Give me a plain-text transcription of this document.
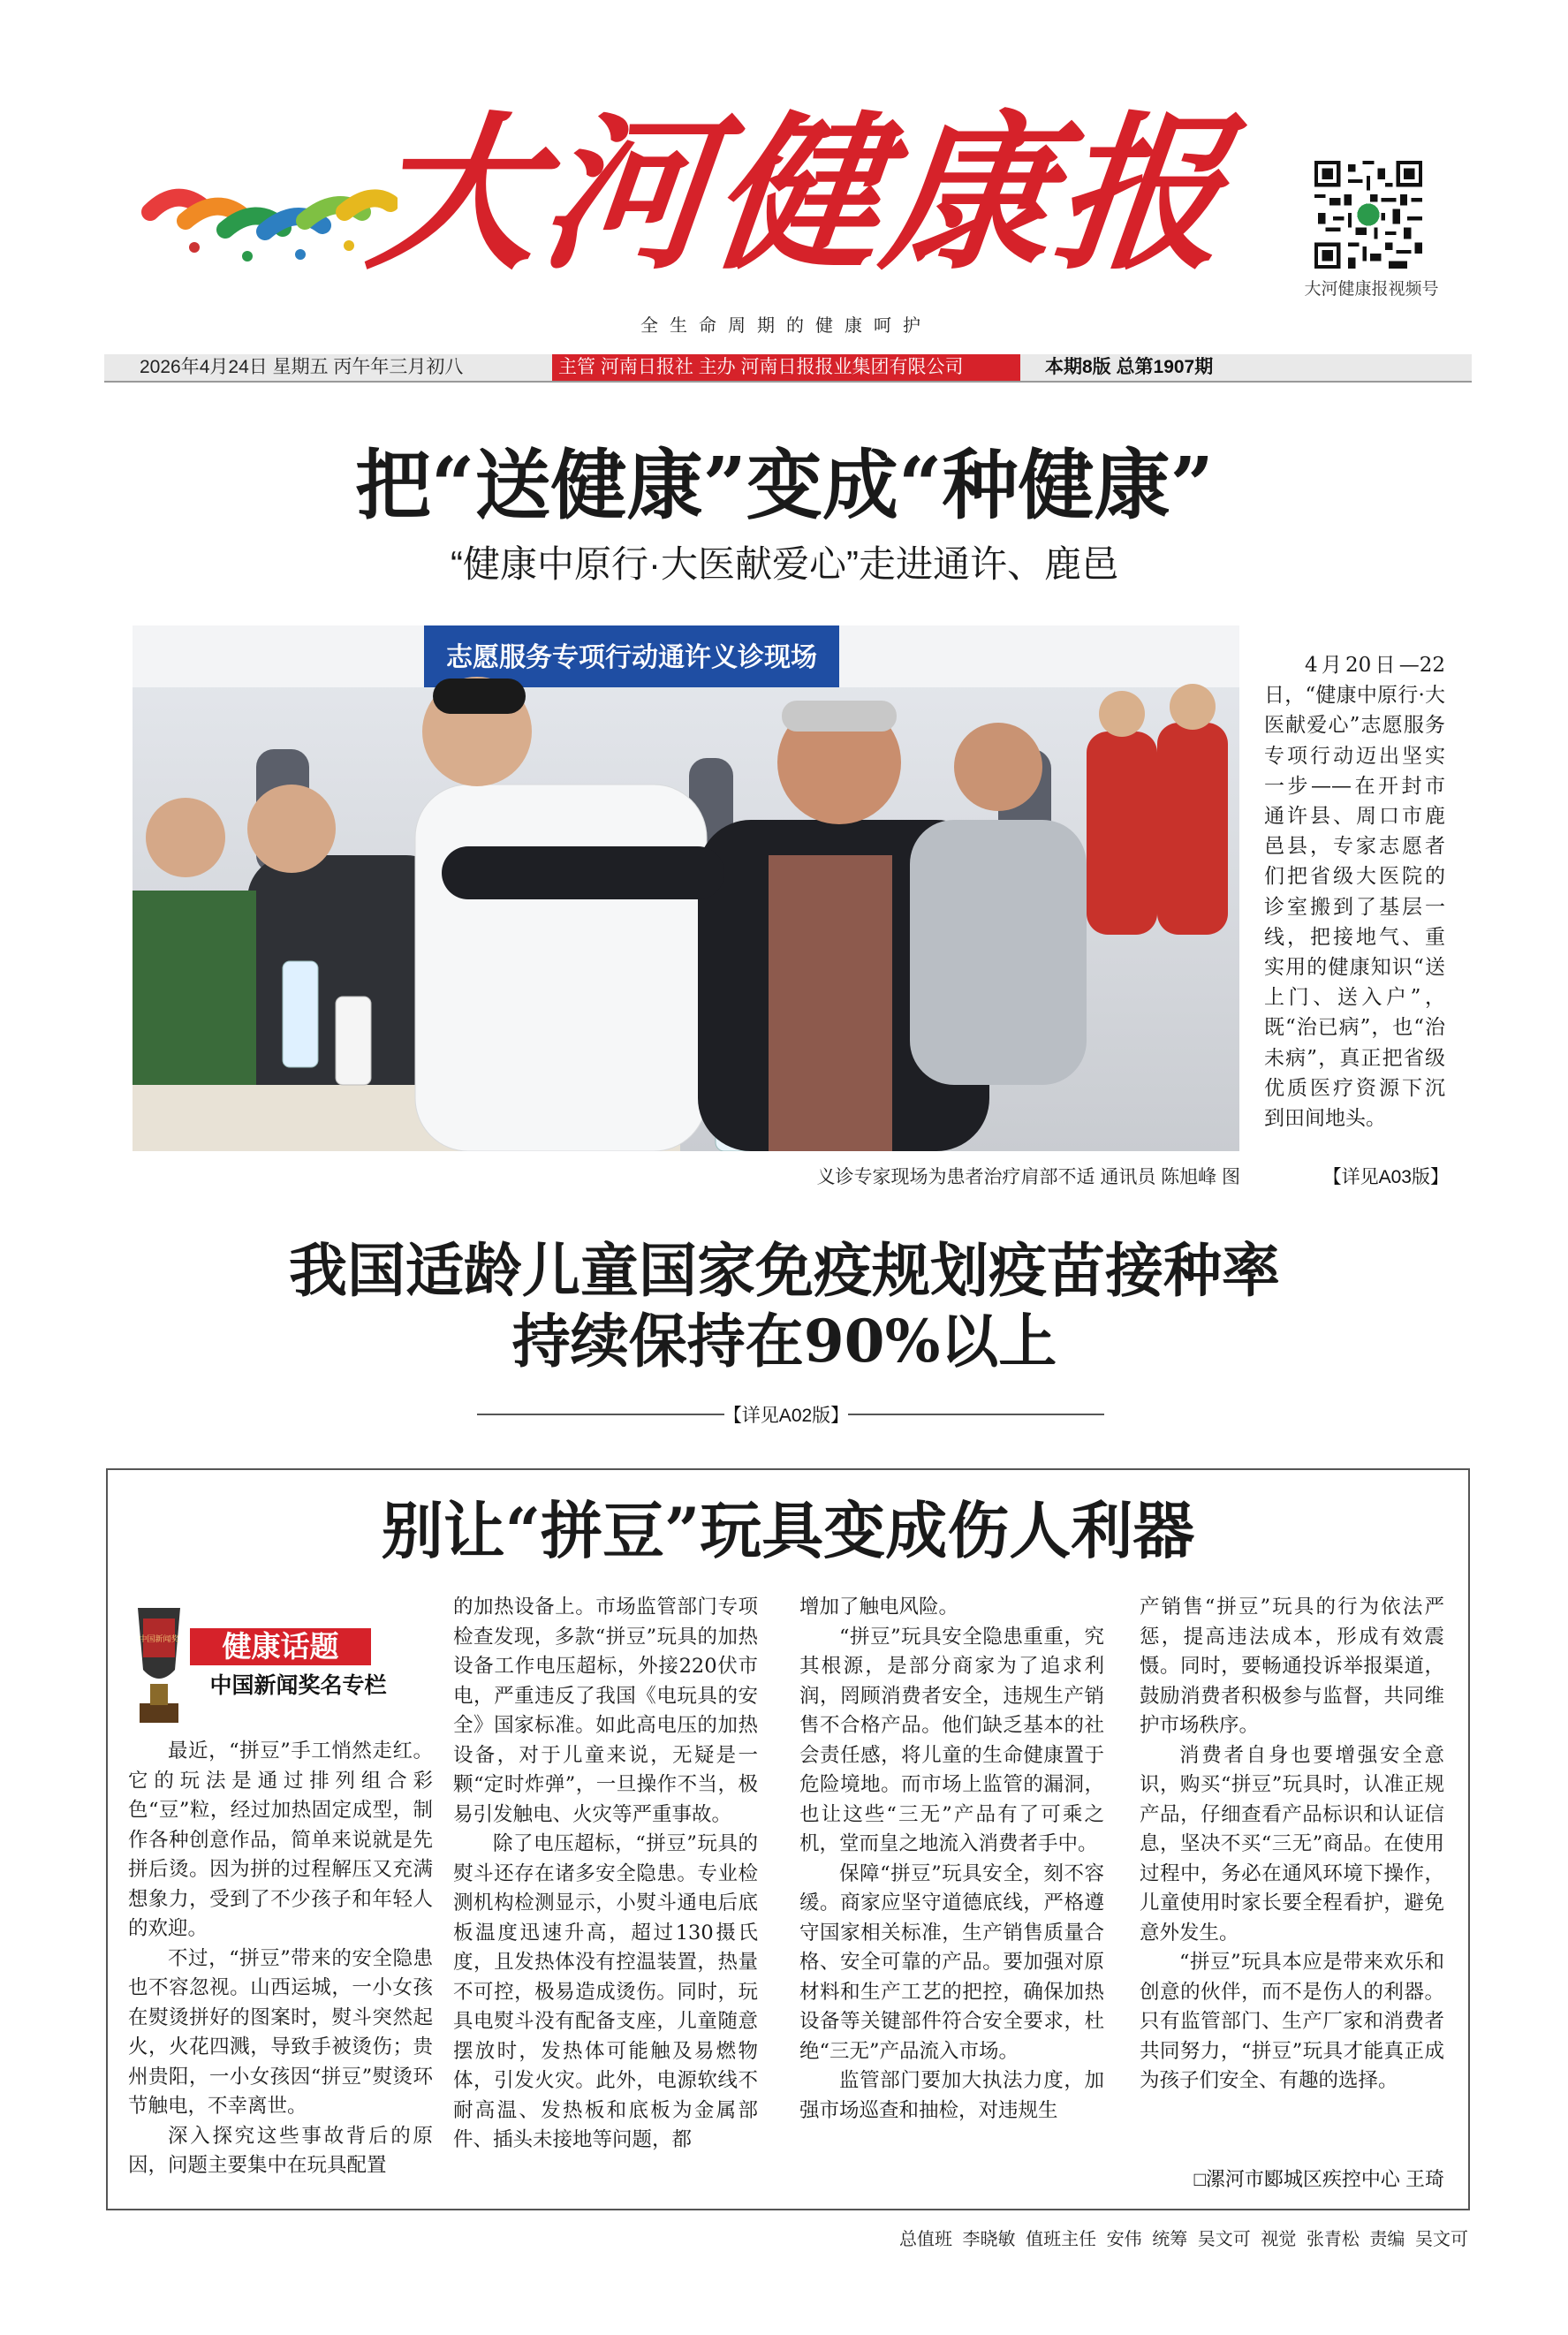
大河健康报
全生命周期的健康呵护
大河健康报视频号
2026年4月24日 星期五 丙午年三月初八	主管 河南日报社 主办 河南日报报业集团有限公司	本期8版 总第1907期
把“送健康”变成“种健康”
“健康中原行·大医献爱心”走进通许、鹿邑
志愿服务专项行动通许义诊现场
义诊专家现场为患者治疗肩部不适 通讯员 陈旭峰 图
4月20日—22日，“健康中原行·大医献爱心”志愿服务专项行动迈出坚实一步——在开封市通许县、周口市鹿邑县，专家志愿者们把省级大医院的诊室搬到了基层一线，把接地气、重实用的健康知识“送上门、送入户”，既“治已病”，也“治未病”，真正把省级优质医疗资源下沉到田间地头。
【详见A03版】
我国适龄儿童国家免疫规划疫苗接种率
持续保持在90%以上
【详见A02版】
别让“拼豆”玩具变成伤人利器
中国新闻奖	健康话题
中国新闻奖名专栏

最近，“拼豆”手工悄然走红。它的玩法是通过排列组合彩色“豆”粒，经过加热固定成型，制作各种创意作品，简单来说就是先拼后烫。因为拼的过程解压又充满想象力，受到了不少孩子和年轻人的欢迎。

不过，“拼豆”带来的安全隐患也不容忽视。山西运城，一小女孩在熨烫拼好的图案时，熨斗突然起火，火花四溅，导致手被烫伤；贵州贵阳，一小女孩因“拼豆”熨烫环节触电，不幸离世。

深入探究这些事故背后的原因，问题主要集中在玩具配置

的加热设备上。市场监管部门专项检查发现，多款“拼豆”玩具的加热设备工作电压超标，外接220伏市电，严重违反了我国《电玩具的安全》国家标准。如此高电压的加热设备，对于儿童来说，无疑是一颗“定时炸弹”，一旦操作不当，极易引发触电、火灾等严重事故。

除了电压超标，“拼豆”玩具的熨斗还存在诸多安全隐患。专业检测机构检测显示，小熨斗通电后底板温度迅速升高，超过130摄氏度，且发热体没有控温装置，热量不可控，极易造成烫伤。同时，玩具电熨斗没有配备支座，儿童随意摆放时，发热体可能触及易燃物体，引发火灾。此外，电源软线不耐高温、发热板和底板为金属部件、插头未接地等问题，都

增加了触电风险。

“拼豆”玩具安全隐患重重，究其根源，是部分商家为了追求利润，罔顾消费者安全，违规生产销售不合格产品。他们缺乏基本的社会责任感，将儿童的生命健康置于危险境地。而市场上监管的漏洞，也让这些“三无”产品有了可乘之机，堂而皇之地流入消费者手中。

保障“拼豆”玩具安全，刻不容缓。商家应坚守道德底线，严格遵守国家相关标准，生产销售质量合格、安全可靠的产品。要加强对原材料和生产工艺的把控，确保加热设备等关键部件符合安全要求，杜绝“三无”产品流入市场。

监管部门要加大执法力度，加强市场巡查和抽检，对违规生

产销售“拼豆”玩具的行为依法严惩，提高违法成本，形成有效震慑。同时，要畅通投诉举报渠道，鼓励消费者积极参与监督，共同维护市场秩序。

消费者自身也要增强安全意识，购买“拼豆”玩具时，认准正规产品，仔细查看产品标识和认证信息，坚决不买“三无”商品。在使用过程中，务必在通风环境下操作，儿童使用时家长要全程看护，避免意外发生。

“拼豆”玩具本应是带来欢乐和创意的伙伴，而不是伤人的利器。只有监管部门、生产厂家和消费者共同努力，“拼豆”玩具才能真正成为孩子们安全、有趣的选择。

□漯河市郾城区疾控中心 王琦
总值班 李晓敏 值班主任 安伟 统筹 吴文可 视觉 张青松 责编 吴文可
